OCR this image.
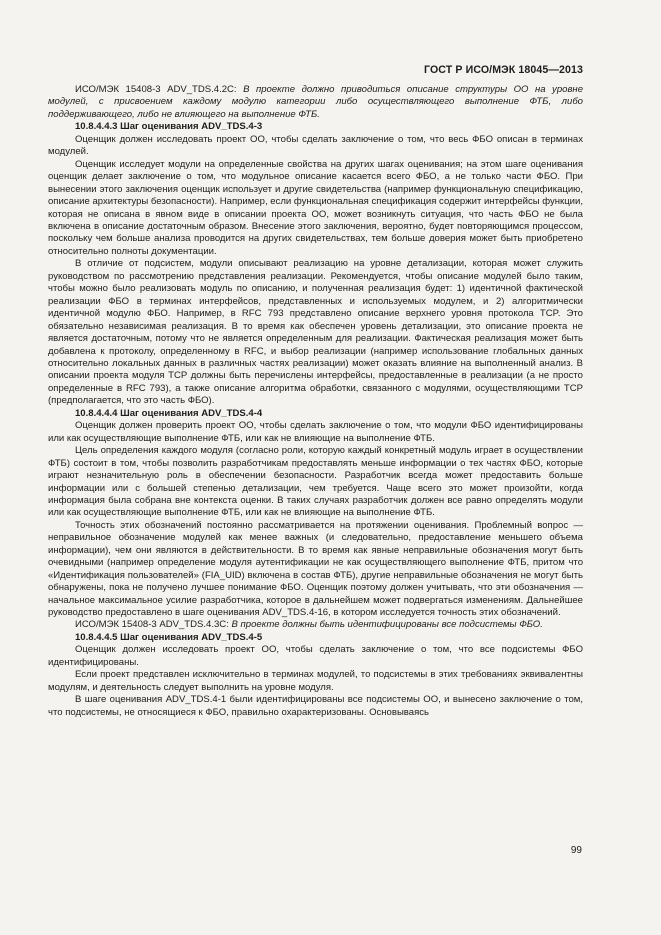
ГОСТ Р ИСО/МЭК 18045—2013

ИСО/МЭК 15408-3 ADV_TDS.4.2C: В проекте должно приводиться описание структуры ОО на уровне модулей, с присвоением каждому модулю категории либо осуществляющего выполнение ФТБ, либо поддерживающего, либо не влияющего на выполнение ФТБ.

10.8.4.4.3 Шаг оценивания ADV_TDS.4-3

Оценщик должен исследовать проект ОО, чтобы сделать заключение о том, что весь ФБО описан в терминах модулей.

Оценщик исследует модули на определенные свойства на других шагах оценивания; на этом шаге оценивания оценщик делает заключение о том, что модульное описание касается всего ФБО, а не только части ФБО. При вынесении этого заключения оценщик использует и другие свидетельства (например функциональную спецификацию, описание архитектуры безопасности). Например, если функциональная спецификация содержит интерфейсы функции, которая не описана в явном виде в описании проекта ОО, может возникнуть ситуация, что часть ФБО не была включена в описание достаточным образом. Внесение этого заключения, вероятно, будет повторяющимся процессом, поскольку чем больше анализа проводится на других свидетельствах, тем больше доверия может быть приобретено относительно полноты документации.

В отличие от подсистем, модули описывают реализацию на уровне детализации, которая может служить руководством по рассмотрению представления реализации. Рекомендуется, чтобы описание модулей было таким, чтобы можно было реализовать модуль по описанию, и полученная реализация будет: 1) идентичной фактической реализации ФБО в терминах интерфейсов, представленных и используемых модулем, и 2) алгоритмически идентичной модулю ФБО. Например, в RFC 793 представлено описание верхнего уровня протокола TCP. Это обязательно независимая реализация. В то время как обеспечен уровень детализации, это описание проекта не является достаточным, потому что не является определенным для реализации. Фактическая реализация может быть добавлена к протоколу, определенному в RFC, и выбор реализации (например использование глобальных данных относительно локальных данных в различных частях реализации) может оказать влияние на выполненный анализ. В описании проекта модуля TCP должны быть перечислены интерфейсы, предоставленные в реализации (а не просто определенные в RFC 793), а также описание алгоритма обработки, связанного с модулями, осуществляющими TCP (предполагается, что это часть ФБО).

10.8.4.4.4 Шаг оценивания ADV_TDS.4-4

Оценщик должен проверить проект ОО, чтобы сделать заключение о том, что модули ФБО идентифицированы или как осуществляющие выполнение ФТБ, или как не влияющие на выполнение ФТБ.

Цель определения каждого модуля (согласно роли, которую каждый конкретный модуль играет в осуществлении ФТБ) состоит в том, чтобы позволить разработчикам предоставлять меньше информации о тех частях ФБО, которые играют незначительную роль в обеспечении безопасности. Разработчик всегда может предоставить больше информации или с большей степенью детализации, чем требуется. Чаще всего это может произойти, когда информация была собрана вне контекста оценки. В таких случаях разработчик должен все равно определять модули или как осуществляющие выполнение ФТБ, или как не влияющие на выполнение ФТБ.

Точность этих обозначений постоянно рассматривается на протяжении оценивания. Проблемный вопрос — неправильное обозначение модулей как менее важных (и следовательно, предоставление меньшего объема информации), чем они являются в действительности. В то время как явные неправильные обозначения могут быть очевидными (например определение модуля аутентификации не как осуществляющего выполнение ФТБ, притом что «Идентификация пользователей» (FIA_UID) включена в состав ФТБ), другие неправильные обозначения не могут быть обнаружены, пока не получено лучшее понимание ФБО. Оценщик поэтому должен учитывать, что эти обозначения — начальное максимальное усилие разработчика, которое в дальнейшем может подвергаться изменениям. Дальнейшее руководство предоставлено в шаге оценивания ADV_TDS.4-16, в котором исследуется точность этих обозначений.

ИСО/МЭК 15408-3 ADV_TDS.4.3C: В проекте должны быть идентифицированы все подсистемы ФБО.

10.8.4.4.5 Шаг оценивания ADV_TDS.4-5

Оценщик должен исследовать проект ОО, чтобы сделать заключение о том, что все подсистемы ФБО идентифицированы.

Если проект представлен исключительно в терминах модулей, то подсистемы в этих требованиях эквивалентны модулям, и деятельность следует выполнить на уровне модуля.

В шаге оценивания ADV_TDS.4-1 были идентифицированы все подсистемы ОО, и вынесено заключение о том, что подсистемы, не относящиеся к ФБО, правильно охарактеризованы. Основываясь

99
